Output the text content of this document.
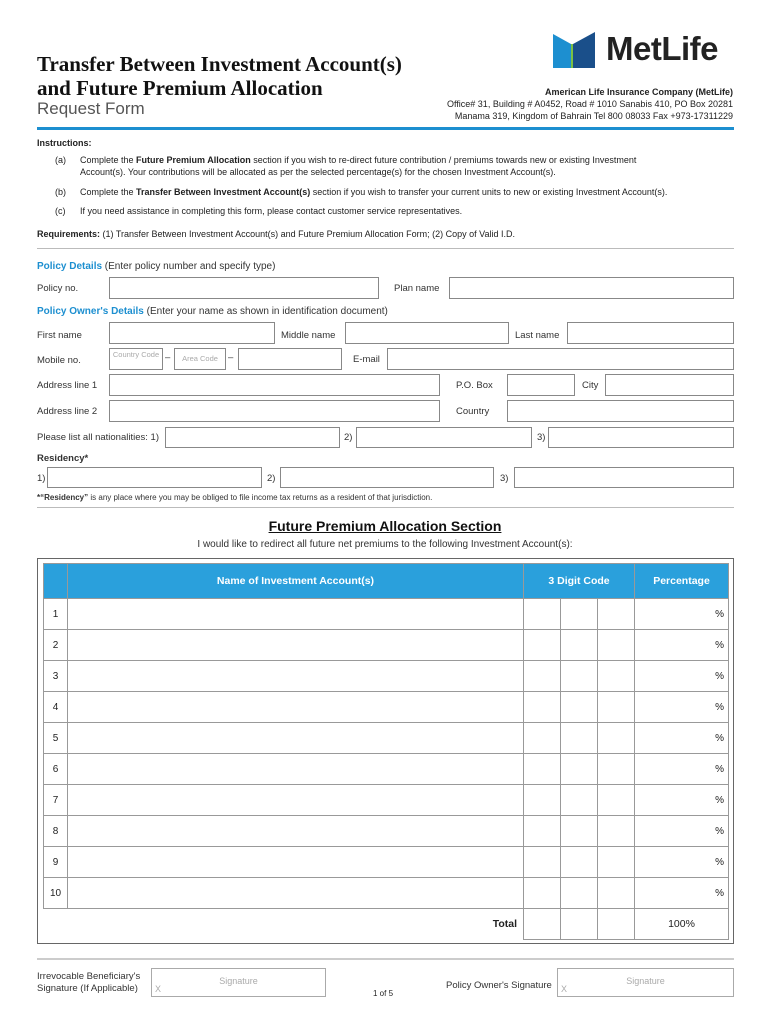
Transfer Between Investment Account(s)
and Future Premium Allocation
Request Form
MetLife
American Life Insurance Company (MetLife)
Office# 31, Building # A0452, Road # 1010 Sanabis 410, PO Box 20281
Manama 319, Kingdom of Bahrain Tel 800 08033 Fax +973-17311229
Instructions:
(a) Complete the Future Premium Allocation section if you wish to re-direct future contribution / premiums towards new or existing Investment
Account(s). Your contributions will be allocated as per the selected percentage(s) for the chosen Investment Account(s).
(b) Complete the Transfer Between Investment Account(s) section if you wish to transfer your current units to new or existing Investment Account(s).
(c) If you need assistance in completing this form, please contact customer service representatives.
Requirements: (1) Transfer Between Investment Account(s) and Future Premium Allocation Form; (2) Copy of Valid I.D.
Policy Details (Enter policy number and specify type)
Policy no.	Plan name
Policy Owner's Details (Enter your name as shown in identification document)
First name	Middle name	Last name
Mobile no.
Country Code –	Area Code	–	E-mail
Address line 1	P.O. Box	City
Address line 2	Country
Please list all nationalities: 1)	2)	3)
Residency*
1)	2)	3)
*“Residency” is any place where you may be obliged to file income tax returns as a resident of that jurisdiction.
Future Premium Allocation Section
I would like to redirect all future net premiums to the following Investment Account(s):
	Name of Investment Account(s)	3 Digit Code			Percentage
1					%
2					%
3					%
4					%
5					%
6					%
7					%
8					%
9					%
10					%
Total					100%
Irrevocable Beneficiary's
Signature (If Applicable)
Signature
X	1 of 5
Policy Owner's Signature	Signature
X
